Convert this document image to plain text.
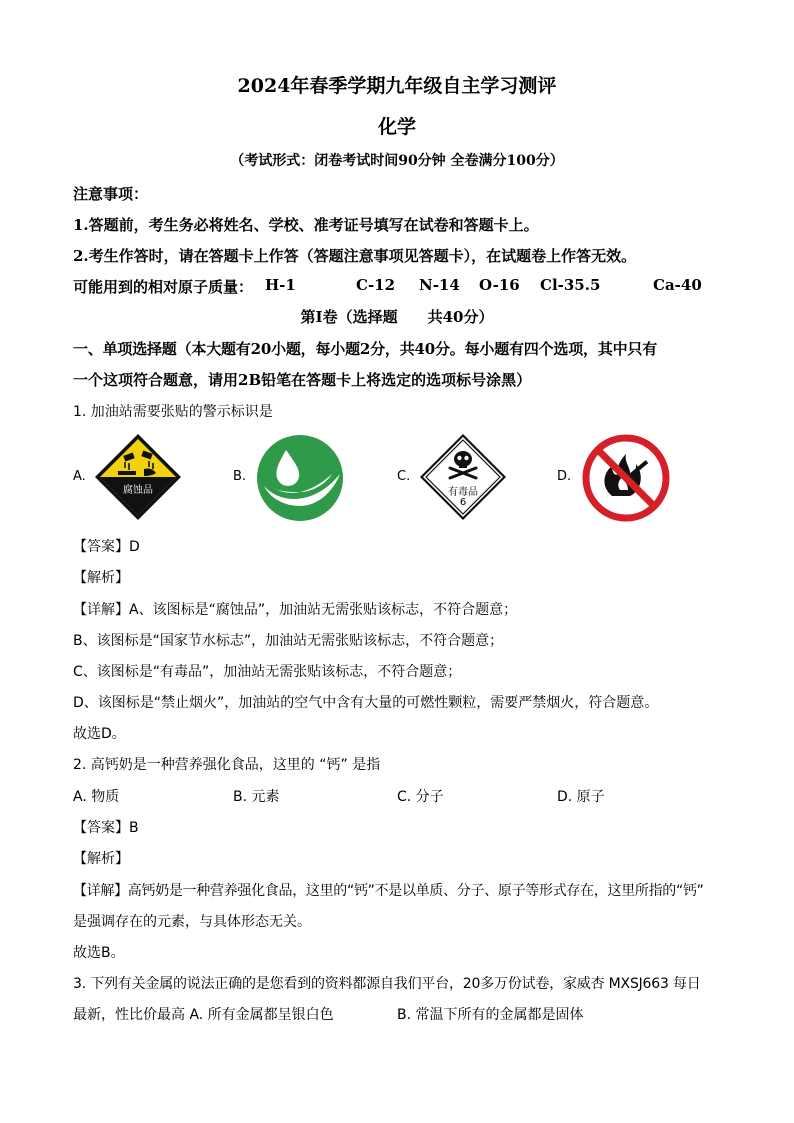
2024年春季学期九年级自主学习测评
化学
（考试形式：闭卷考试时间90分钟 全卷满分100分）
注意事项：
1.答题前，考生务必将姓名、学校、准考证号填写在试卷和答题卡上。
2.考生作答时，请在答题卡上作答（答题注意事项见答题卡），在试题卷上作答无效。
可能用到的相对原子质量： H-1	C-12 N-14 O-16 Cl-35.5	Ca-40
第Ⅰ卷（选择题　　共40分）
一、单项选择题（本大题有20小题，每小题2分，共40分。每小题有四个选项，其中只有
一个这项符合题意，请用2B铅笔在答题卡上将选定的选项标号涂黑）
1. 加油站需要张贴的警示标识是
A.	B.	C.	D.
腐蚀品	有毒品
6
【答案】D
【解析】
【详解】A、该图标是“腐蚀品”，加油站无需张贴该标志，不符合题意；
B、该图标是“国家节水标志”，加油站无需张贴该标志，不符合题意；
C、该图标是“有毒品”，加油站无需张贴该标志，不符合题意；
D、该图标是“禁止烟火”，加油站的空气中含有大量的可燃性颗粒，需要严禁烟火，符合题意。
故选D。
2. 高钙奶是一种营养强化食品，这里的 “钙” 是指
A. 物质	B. 元素	C. 分子	D. 原子
【答案】B
【解析】
【详解】高钙奶是一种营养强化食品，这里的“钙”不是以单质、分子、原子等形式存在，这里所指的“钙”
是强调存在的元素，与具体形态无关。
故选B。
3. 下列有关金属的说法正确的是您看到的资料都源自我们平台，20多万份试卷，家威杏 MXSJ663 每日
最新，性比价最高 A. 所有金属都呈银白色	B. 常温下所有的金属都是固体
